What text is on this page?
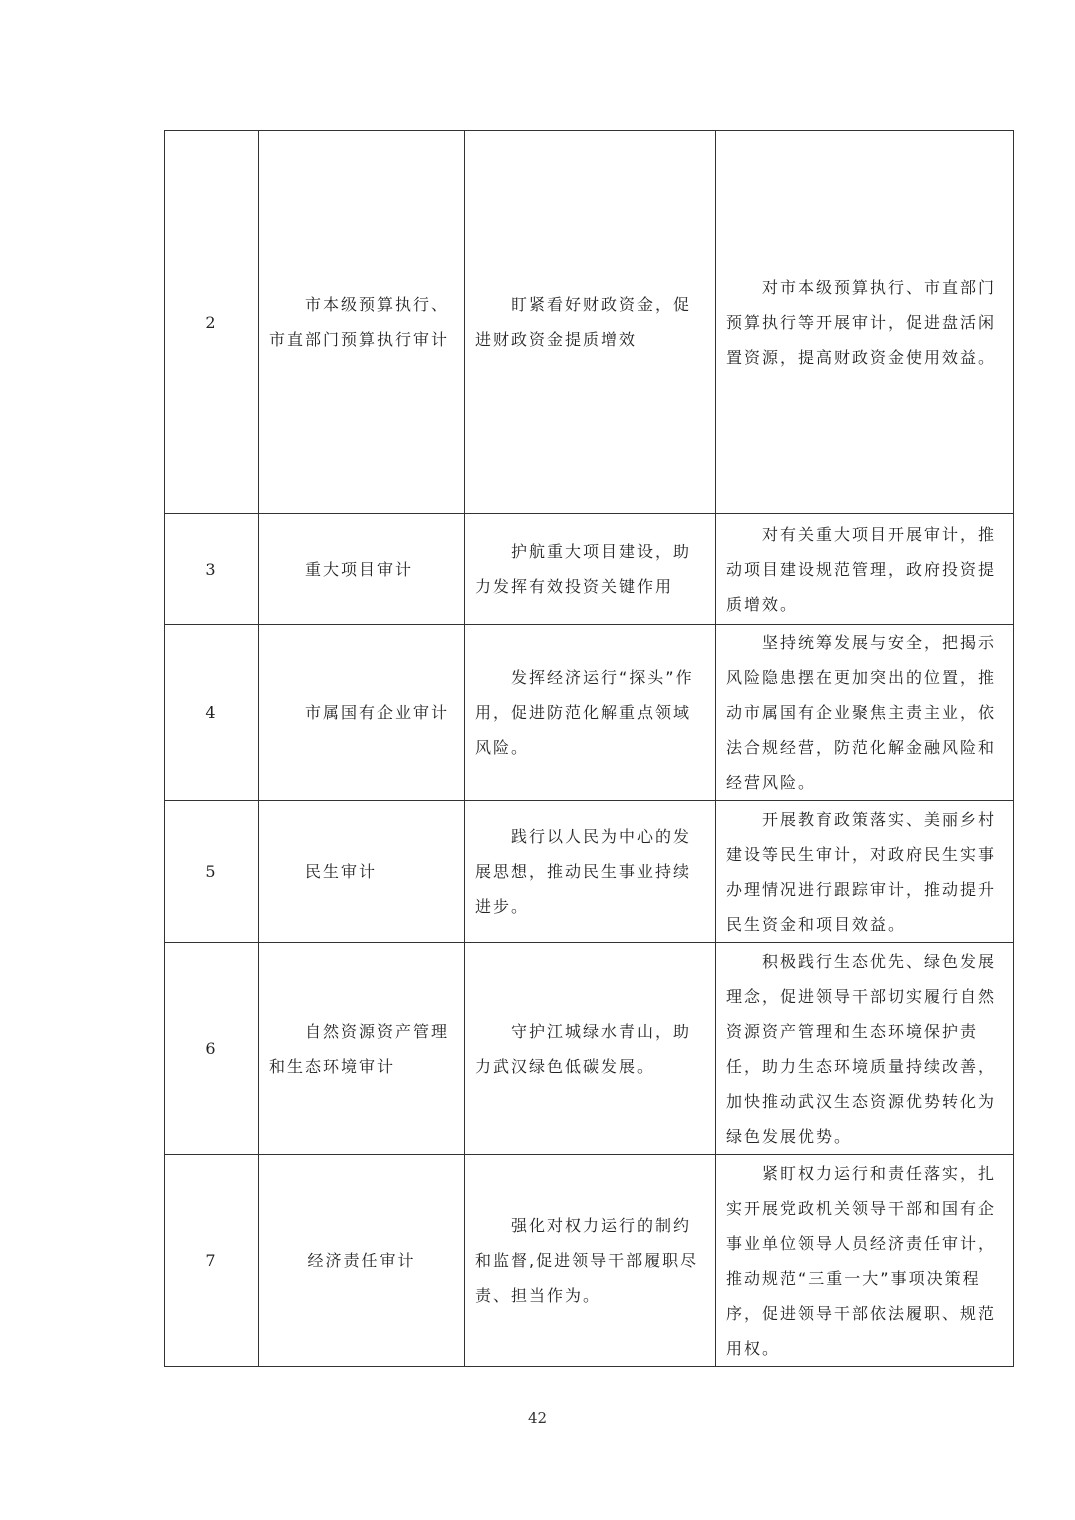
2	市本级预算执行、市直部门预算执行审计	盯紧看好财政资金，促进财政资金提质增效	对市本级预算执行、市直部门预算执行等开展审计，促进盘活闲置资源，提高财政资金使用效益。

3	重大项目审计	护航重大项目建设，助力发挥有效投资关键作用	对有关重大项目开展审计，推动项目建设规范管理，政府投资提质增效。

4	市属国有企业审计	发挥经济运行“探头”作用，促进防范化解重点领域风险。	坚持统筹发展与安全，把揭示风险隐患摆在更加突出的位置，推动市属国有企业聚焦主责主业，依法合规经营，防范化解金融风险和经营风险。

5	民生审计	践行以人民为中心的发展思想，推动民生事业持续进步。	开展教育政策落实、美丽乡村建设等民生审计，对政府民生实事办理情况进行跟踪审计，推动提升民生资金和项目效益。

6	自然资源资产管理和生态环境审计	守护江城绿水青山，助力武汉绿色低碳发展。	积极践行生态优先、绿色发展理念，促进领导干部切实履行自然资源资产管理和生态环境保护责任，助力生态环境质量持续改善，加快推动武汉生态资源优势转化为绿色发展优势。

7	经济责任审计	强化对权力运行的制约和监督,促进领导干部履职尽责、担当作为。	紧盯权力运行和责任落实，扎实开展党政机关领导干部和国有企事业单位领导人员经济责任审计，推动规范“三重一大”事项决策程序，促进领导干部依法履职、规范用权。
42
